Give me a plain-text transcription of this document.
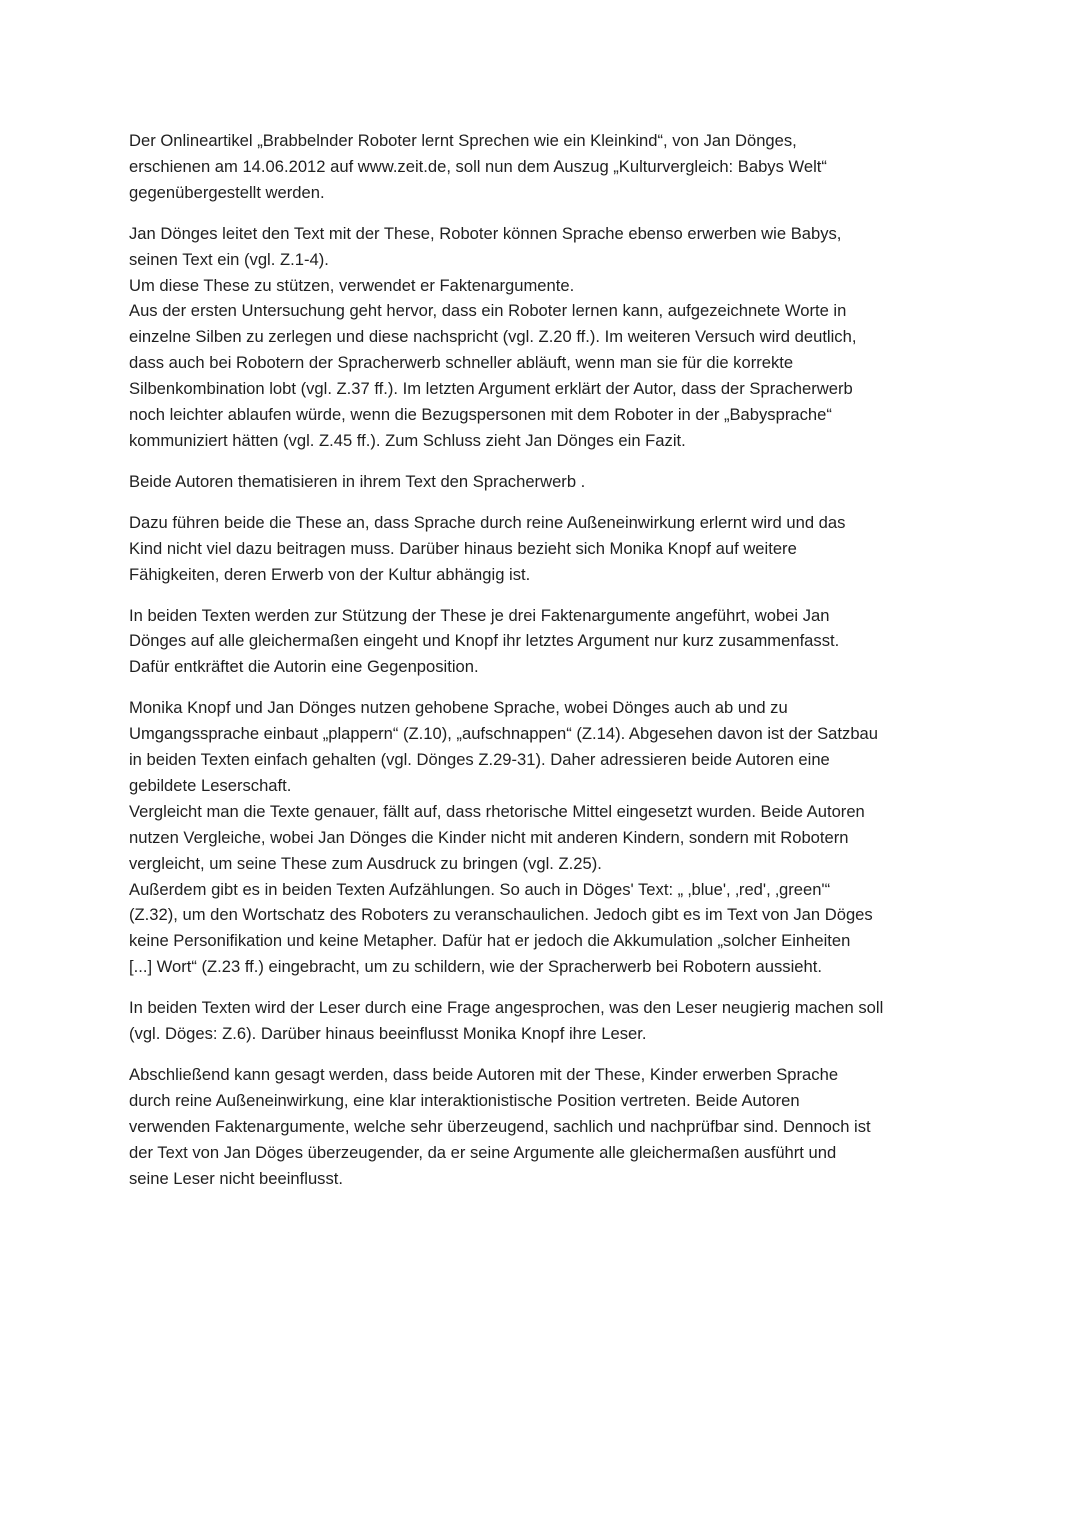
Der Onlineartikel „Brabbelnder Roboter lernt Sprechen wie ein Kleinkind“, von Jan Dönges,
erschienen am 14.06.2012 auf www.zeit.de, soll nun dem Auszug „Kulturvergleich: Babys Welt“
gegenübergestellt werden.
Jan Dönges leitet den Text mit der These, Roboter können Sprache ebenso erwerben wie Babys,
seinen Text ein (vgl. Z.1-4).
Um diese These zu stützen, verwendet er Faktenargumente.
Aus der ersten Untersuchung geht hervor, dass ein Roboter lernen kann, aufgezeichnete Worte in
einzelne Silben zu zerlegen und diese nachspricht (vgl. Z.20 ff.). Im weiteren Versuch wird deutlich,
dass auch bei Robotern der Spracherwerb schneller abläuft, wenn man sie für die korrekte
Silbenkombination lobt (vgl. Z.37 ff.). Im letzten Argument erklärt der Autor, dass der Spracherwerb
noch leichter ablaufen würde, wenn die Bezugspersonen mit dem Roboter in der „Babysprache“
kommuniziert hätten (vgl. Z.45 ff.). Zum Schluss zieht Jan Dönges ein Fazit.
Beide Autoren thematisieren in ihrem Text den Spracherwerb .
Dazu führen beide die These an, dass Sprache durch reine Außeneinwirkung erlernt wird und das
Kind nicht viel dazu beitragen muss. Darüber hinaus bezieht sich Monika Knopf auf weitere
Fähigkeiten, deren Erwerb von der Kultur abhängig ist.
In beiden Texten werden zur Stützung der These je drei Faktenargumente angeführt, wobei Jan
Dönges auf alle gleichermaßen eingeht und Knopf ihr letztes Argument nur kurz zusammenfasst.
Dafür entkräftet die Autorin eine Gegenposition.
Monika Knopf und Jan Dönges nutzen gehobene Sprache, wobei Dönges auch ab und zu
Umgangssprache einbaut „plappern“ (Z.10), „aufschnappen“ (Z.14). Abgesehen davon ist der Satzbau
in beiden Texten einfach gehalten (vgl. Dönges Z.29-31). Daher adressieren beide Autoren eine
gebildete Leserschaft.
Vergleicht man die Texte genauer, fällt auf, dass rhetorische Mittel eingesetzt wurden. Beide Autoren
nutzen Vergleiche, wobei Jan Dönges die Kinder nicht mit anderen Kindern, sondern mit Robotern
vergleicht, um seine These zum Ausdruck zu bringen (vgl. Z.25).
Außerdem gibt es in beiden Texten Aufzählungen. So auch in Döges' Text: „ ‚blue', ‚red', ‚green'“
(Z.32), um den Wortschatz des Roboters zu veranschaulichen. Jedoch gibt es im Text von Jan Döges
keine Personifikation und keine Metapher. Dafür hat er jedoch die Akkumulation „solcher Einheiten
[...] Wort“ (Z.23 ff.) eingebracht, um zu schildern, wie der Spracherwerb bei Robotern aussieht.
In beiden Texten wird der Leser durch eine Frage angesprochen, was den Leser neugierig machen soll
(vgl. Döges: Z.6). Darüber hinaus beeinflusst Monika Knopf ihre Leser.
Abschließend kann gesagt werden, dass beide Autoren mit der These, Kinder erwerben Sprache
durch reine Außeneinwirkung, eine klar interaktionistische Position vertreten. Beide Autoren
verwenden Faktenargumente, welche sehr überzeugend, sachlich und nachprüfbar sind. Dennoch ist
der Text von Jan Döges überzeugender, da er seine Argumente alle gleichermaßen ausführt und
seine Leser nicht beeinflusst.
